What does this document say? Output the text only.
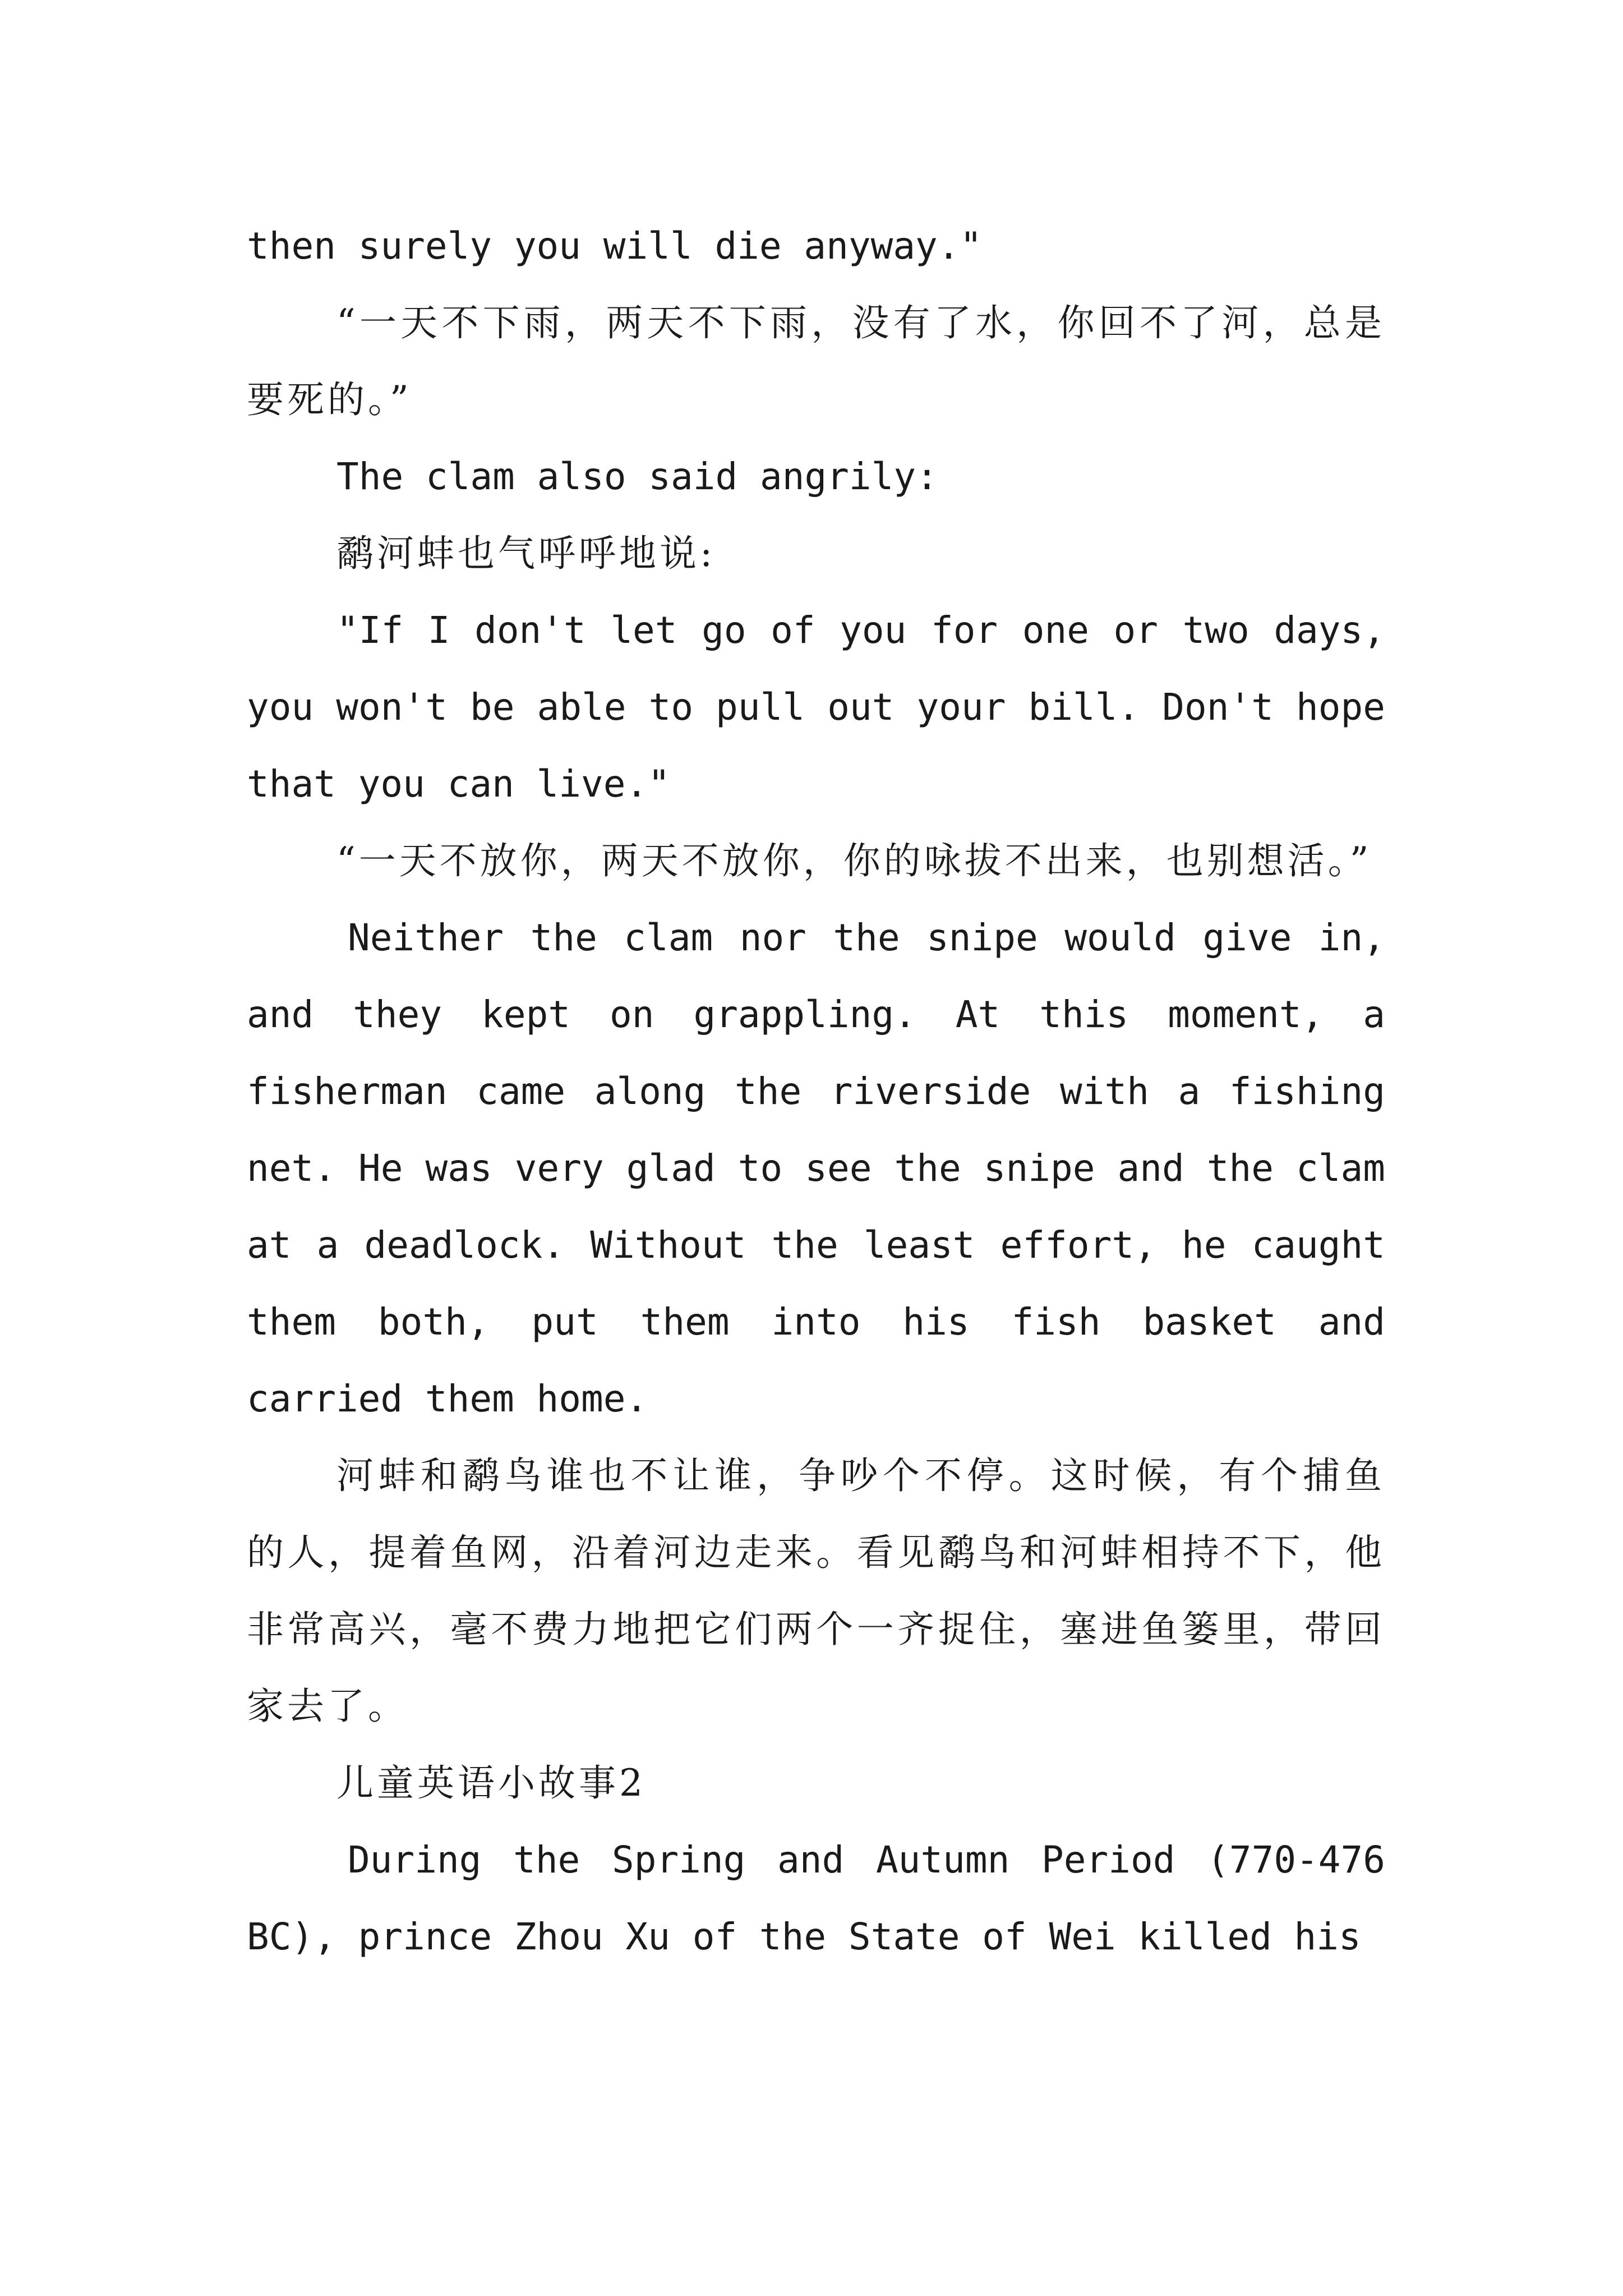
then surely you will die anyway."

“一天不下雨，两天不下雨，没有了水，你回不了河，总是要死的。”

The clam also said angrily:

鹬河蚌也气呼呼地说:

"If I don't let go of you for one or two days, you won't be able to pull out your bill. Don't hope that you can live."

“一天不放你，两天不放你，你的咏拔不出来，也别想活。”

Neither the clam nor the snipe would give in, and they kept on grappling. At this moment, a fisherman came along the riverside with a fishing net. He was very glad to see the snipe and the clam at a deadlock. Without the least effort, he caught them both, put them into his fish basket and carried them home.

河蚌和鹬鸟谁也不让谁，争吵个不停。这时候，有个捕鱼的人，提着鱼网，沿着河边走来。看见鹬鸟和河蚌相持不下，他非常高兴，毫不费力地把它们两个一齐捉住，塞进鱼篓里，带回家去了。

儿童英语小故事2

During the Spring and Autumn Period (770-476 BC), prince Zhou Xu of the State of Wei killed his
